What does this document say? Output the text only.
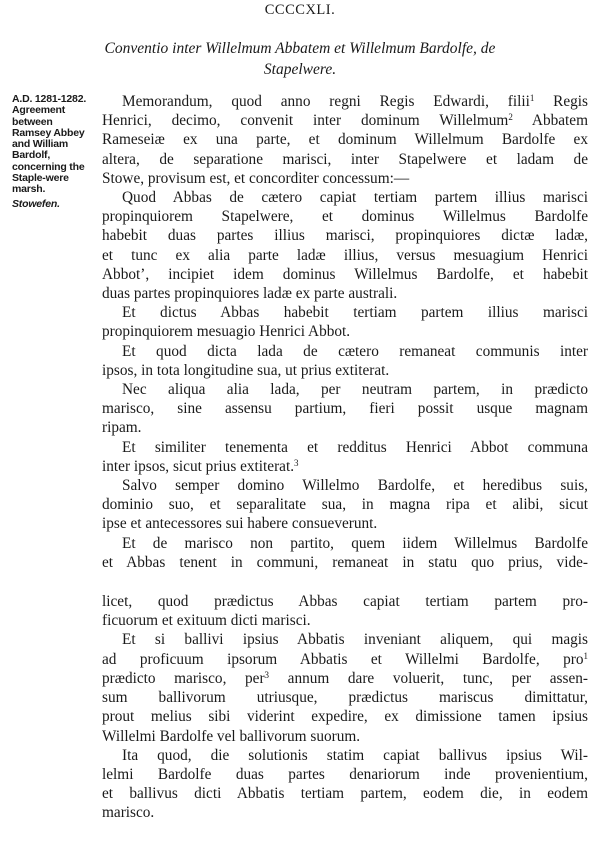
CCCCXLI.
Conventio inter Willelmum Abbatem et Willelmum Bardolfe, de Stapelwere.
A.D. 1281-1282.
Agreement between Ramsey Abbey and William Bardolf, concerning the Staple-were marsh.
Stowefen.
Memorandum, quod anno regni Regis Edwardi, filii$^1$ Regis
Henrici, decimo, convenit inter dominum Willelmum$^2$ Abbatem
Rameseiæ ex una parte, et dominum Willelmum Bardolfe ex
altera, de separatione marisci, inter Stapelwere et ladam de
Stowe, provisum est, et concorditer concessum:—
Quod Abbas de cætero capiat tertiam partem illius marisci
propinquiorem Stapelwere, et dominus Willelmus Bardolfe
habebit duas partes illius marisci, propinquiores dictæ ladæ,
et tunc ex alia parte ladæ illius, versus mesuagium Henrici
Abbot’, incipiet idem dominus Willelmus Bardolfe, et habebit
duas partes propinquiores ladæ ex parte australi.
Et dictus Abbas habebit tertiam partem illius marisci
propinquiorem mesuagio Henrici Abbot.
Et quod dicta lada de cætero remaneat communis inter
ipsos, in tota longitudine sua, ut prius extiterat.
Nec aliqua alia lada, per neutram partem, in prædicto
marisco, sine assensu partium, fieri possit usque magnam
ripam.
Et similiter tenementa et redditus Henrici Abbot communa
inter ipsos, sicut prius extiterat.$^3$
Salvo semper domino Willelmo Bardolfe, et heredibus suis,
dominio suo, et separalitate sua, in magna ripa et alibi, sicut
ipse et antecessores sui habere consueverunt.
Et de marisco non partito, quem iidem Willelmus Bardolfe
et Abbas tenent in communi, remaneat in statu quo prius, vide-
licet, quod prædictus Abbas capiat tertiam partem pro-
ficuorum et exituum dicti marisci.
Et si ballivi ipsius Abbatis inveniant aliquem, qui magis
ad proficuum ipsorum Abbatis et Willelmi Bardolfe, pro$^1$
prædicto marisco, per$^3$ annum dare voluerit, tunc, per assen-
sum ballivorum utriusque, prædictus mariscus dimittatur,
prout melius sibi viderint expedire, ex dimissione tamen ipsius
Willelmi Bardolfe vel ballivorum suorum.
Ita quod, die solutionis statim capiat ballivus ipsius Wil-
lelmi Bardolfe duas partes denariorum inde provenientium,
et ballivus dicti Abbatis tertiam partem, eodem die, in eodem
marisco.
